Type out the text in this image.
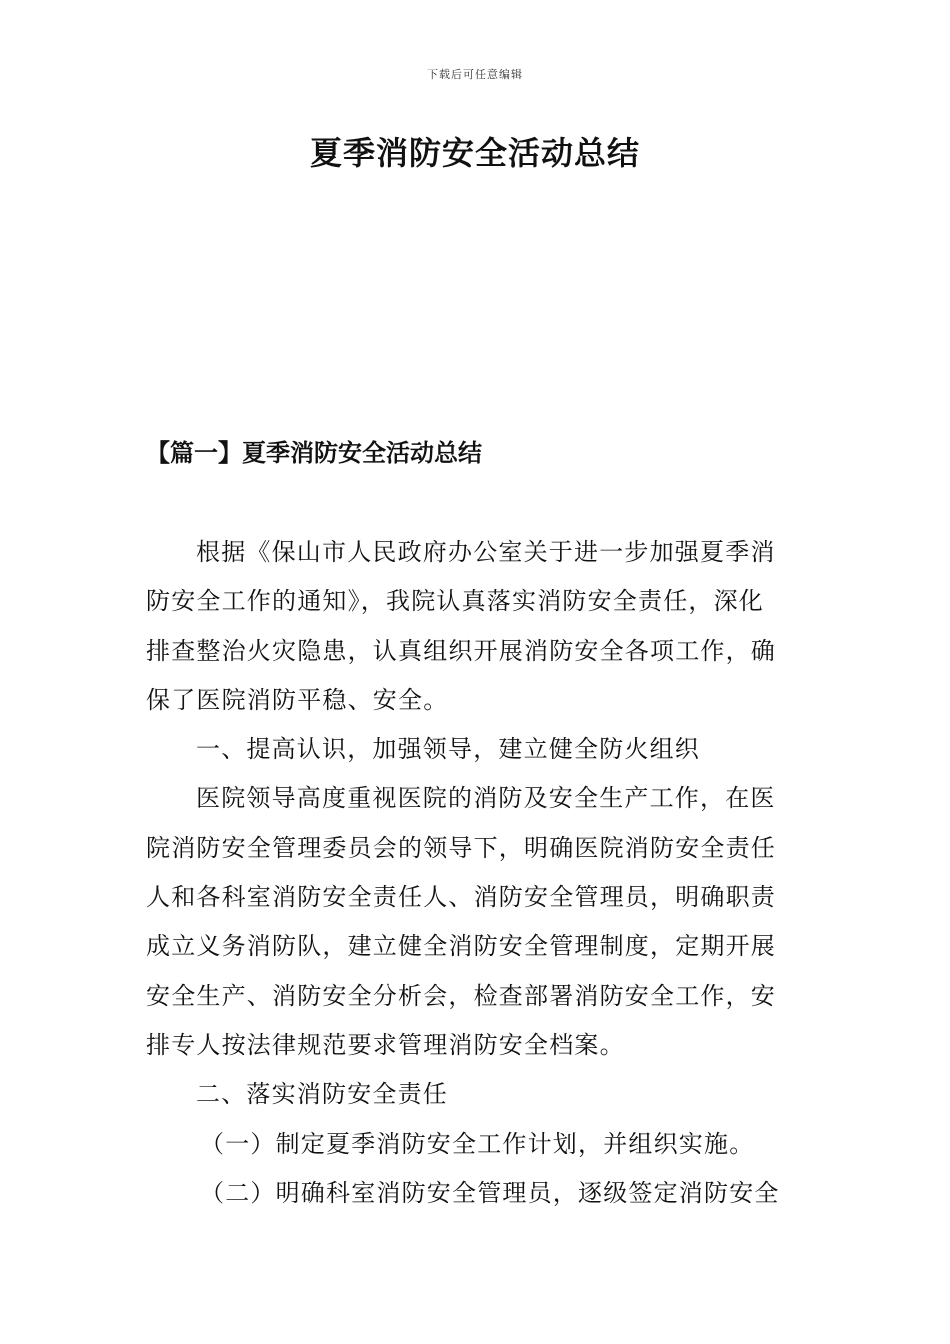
下载后可任意编辑
夏季消防安全活动总结
【篇一】夏季消防安全活动总结
根据《保山市人民政府办公室关于进一步加强夏季消
防安全工作的通知》，我院认真落实消防安全责任，深化
排查整治火灾隐患，认真组织开展消防安全各项工作，确
保了医院消防平稳、安全。
一、提高认识，加强领导，建立健全防火组织
医院领导高度重视医院的消防及安全生产工作，在医
院消防安全管理委员会的领导下，明确医院消防安全责任
人和各科室消防安全责任人、消防安全管理员，明确职责
成立义务消防队，建立健全消防安全管理制度，定期开展
安全生产、消防安全分析会，检查部署消防安全工作，安
排专人按法律规范要求管理消防安全档案。
二、落实消防安全责任
（一）制定夏季消防安全工作计划，并组织实施。
（二）明确科室消防安全管理员，逐级签定消防安全
